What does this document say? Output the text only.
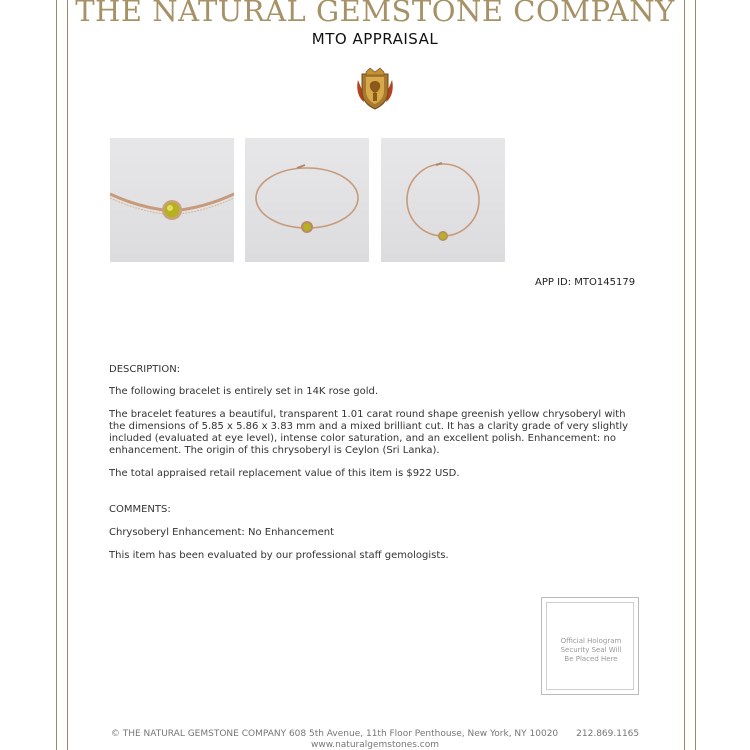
THE NATURAL GEMSTONE COMPANY
MTO APPRAISAL
APP ID: MTO145179
DESCRIPTION:
The following bracelet is entirely set in 14K rose gold.
The bracelet features a beautiful, transparent 1.01 carat round shape greenish yellow chrysoberyl with the dimensions of 5.85 x 5.86 x 3.83 mm and a mixed brilliant cut. It has a clarity grade of very slightly included (evaluated at eye level), intense color saturation, and an excellent polish. Enhancement: no enhancement. The origin of this chrysoberyl is Ceylon (Sri Lanka).
The total appraised retail replacement value of this item is $922 USD.
COMMENTS:
Chrysoberyl Enhancement: No Enhancement
This item has been evaluated by our professional staff gemologists.
Official Hologram
Security Seal Will
Be Placed Here
© THE NATURAL GEMSTONE COMPANY 608 5th Avenue, 11th Floor Penthouse, New York, NY 10020 212.869.1165
www.naturalgemstones.com
